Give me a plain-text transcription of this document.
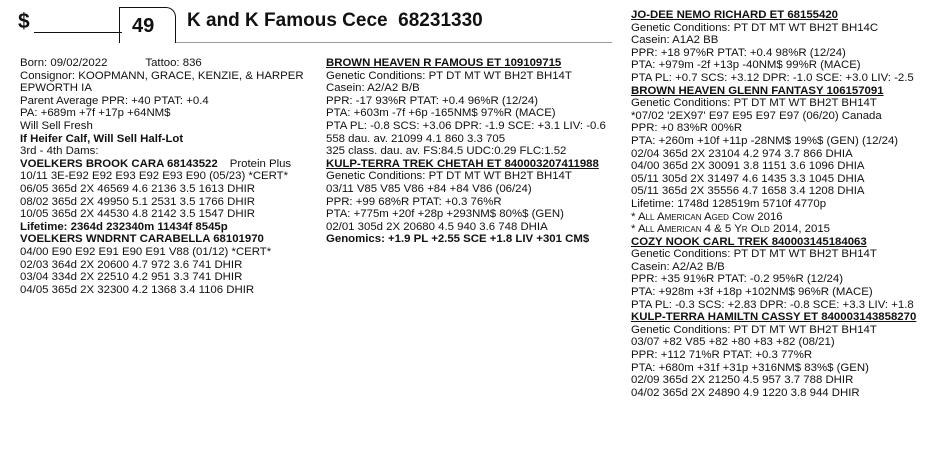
$	49 K and K Famous Cece 68231330
Born: 09/02/2022	Tattoo: 836
Consignor: KOOPMANN, GRACE, KENZIE, & HARPER
EPWORTH IA
Parent Average PPR: +40 PTAT: +0.4
PA: +689m +7f +17p +64NM$
Will Sell Fresh
If Heifer Calf, Will Sell Half-Lot
3rd - 4th Dams:
VOELKERS BROOK CARA 68143522 Protein Plus
10/11 3E-E92 E92 E93 E92 E93 E90 (05/23) *CERT*
06/05 365d 2X 46569 4.6 2136 3.5 1613 DHIR
08/02 365d 2X 49950 5.1 2531 3.5 1766 DHIR
10/05 365d 2X 44530 4.8 2142 3.5 1547 DHIR
Lifetime: 2364d 232340m 11434f 8545p
VOELKERS WNDRNT CARABELLA 68101970
04/00 E90 E92 E91 E90 E91 V88 (01/12) *CERT*
02/03 364d 2X 20600 4.7 972 3.6 741 DHIR
03/04 334d 2X 22510 4.2 951 3.3 741 DHIR
04/05 365d 2X 32300 4.2 1368 3.4 1106 DHIR
BROWN HEAVEN R FAMOUS ET 109109715
Genetic Conditions: PT DT MT WT BH2T BH14T
Casein: A2/A2 B/B
PPR: -17 93%R PTAT: +0.4 96%R (12/24)
PTA: +603m -7f +6p -165NM$ 97%R (MACE)
PTA PL: -0.8 SCS: +3.06 DPR: -1.9 SCE: +3.1 LIV: -0.6
558 dau. av. 21099 4.1 860 3.3 705
325 class. dau. av. FS:84.5 UDC:0.29 FLC:1.52
KULP-TERRA TREK CHETAH ET 840003207411988
Genetic Conditions: PT DT MT WT BH2T BH14T
03/11 V85 V85 V86 +84 +84 V86 (06/24)
PPR: +99 68%R PTAT: +0.3 76%R
PTA: +775m +20f +28p +293NM$ 80%$ (GEN)
02/01 305d 2X 20680 4.5 940 3.6 748 DHIA
Genomics: +1.9 PL +2.55 SCE +1.8 LIV +301 CM$
JO-DEE NEMO RICHARD ET 68155420
Genetic Conditions: PT DT MT WT BH2T BH14C
Casein: A1A2 BB
PPR: +18 97%R PTAT: +0.4 98%R (12/24)
PTA: +979m -2f +13p -40NM$ 99%R (MACE)
PTA PL: +0.7 SCS: +3.12 DPR: -1.0 SCE: +3.0 LIV: -2.5
BROWN HEAVEN GLENN FANTASY 106157091
Genetic Conditions: PT DT MT WT BH2T BH14T
*07/02 '2EX97' E97 E95 E97 E97 (06/20) Canada
PPR: +0 83%R 00%R
PTA: +260m +10f +11p -28NM$ 19%$ (GEN) (12/24)
02/04 365d 2X 23104 4.2 974 3.7 866 DHIA
04/00 365d 2X 30091 3.8 1151 3.6 1096 DHIA
05/11 305d 2X 31497 4.6 1435 3.3 1045 DHIA
05/11 365d 2X 35556 4.7 1658 3.4 1208 DHIA
Lifetime: 1748d 128519m 5710f 4770p
* All American Aged Cow 2016
* All American 4 & 5 Yr Old 2014, 2015
COZY NOOK CARL TREK 840003145184063
Genetic Conditions: PT DT MT WT BH2T BH14T
Casein: A2/A2 B/B
PPR: +35 91%R PTAT: -0.2 95%R (12/24)
PTA: +928m +3f +18p +102NM$ 96%R (MACE)
PTA PL: -0.3 SCS: +2.83 DPR: -0.8 SCE: +3.3 LIV: +1.8
KULP-TERRA HAMILTN CASSY ET 840003143858270
Genetic Conditions: PT DT MT WT BH2T BH14T
03/07 +82 V85 +82 +80 +83 +82 (08/21)
PPR: +112 71%R PTAT: +0.3 77%R
PTA: +680m +31f +31p +316NM$ 83%$ (GEN)
02/09 365d 2X 21250 4.5 957 3.7 788 DHIR
04/02 365d 2X 24890 4.9 1220 3.8 944 DHIR
